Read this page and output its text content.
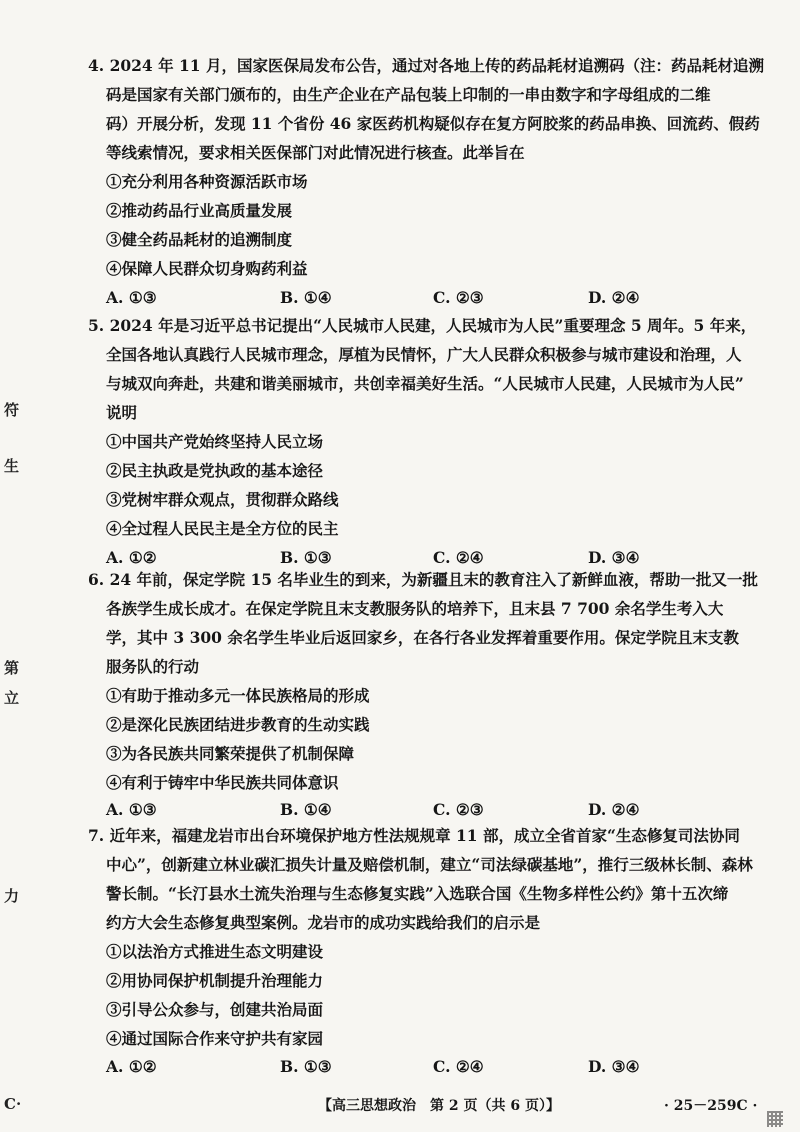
符
生
第
立
力
C·
4. 2024 年 11 月，国家医保局发布公告，通过对各地上传的药品耗材追溯码（注：药品耗材追溯
码是国家有关部门颁布的，由生产企业在产品包装上印制的一串由数字和字母组成的二维
码）开展分析，发现 11 个省份 46 家医药机构疑似存在复方阿胶浆的药品串换、回流药、假药
等线索情况，要求相关医保部门对此情况进行核查。此举旨在
①充分利用各种资源活跃市场
②推动药品行业高质量发展
③健全药品耗材的追溯制度
④保障人民群众切身购药利益
A. ①③	B. ①④	C. ②③	D. ②④
5. 2024 年是习近平总书记提出“人民城市人民建，人民城市为人民”重要理念 5 周年。5 年来，
全国各地认真践行人民城市理念，厚植为民情怀，广大人民群众积极参与城市建设和治理，人
与城双向奔赴，共建和谐美丽城市，共创幸福美好生活。“人民城市人民建，人民城市为人民”
说明
①中国共产党始终坚持人民立场
②民主执政是党执政的基本途径
③党树牢群众观点，贯彻群众路线
④全过程人民民主是全方位的民主
A. ①②	B. ①③	C. ②④	D. ③④
6. 24 年前，保定学院 15 名毕业生的到来，为新疆且末的教育注入了新鲜血液，帮助一批又一批
各族学生成长成才。在保定学院且末支教服务队的培养下，且末县 7 700 余名学生考入大
学，其中 3 300 余名学生毕业后返回家乡，在各行各业发挥着重要作用。保定学院且末支教
服务队的行动
①有助于推动多元一体民族格局的形成
②是深化民族团结进步教育的生动实践
③为各民族共同繁荣提供了机制保障
④有利于铸牢中华民族共同体意识
A. ①③	B. ①④	C. ②③	D. ②④
7. 近年来，福建龙岩市出台环境保护地方性法规规章 11 部，成立全省首家“生态修复司法协同
中心”，创新建立林业碳汇损失计量及赔偿机制，建立“司法绿碳基地”，推行三级林长制、森林
警长制。“长汀县水土流失治理与生态修复实践”入选联合国《生物多样性公约》第十五次缔
约方大会生态修复典型案例。龙岩市的成功实践给我们的启示是
①以法治方式推进生态文明建设
②用协同保护机制提升治理能力
③引导公众参与，创建共治局面
④通过国际合作来守护共有家园
A. ①②	B. ①③	C. ②④	D. ③④
【高三思想政治　第 2 页（共 6 页）】	· 25－259C ·
